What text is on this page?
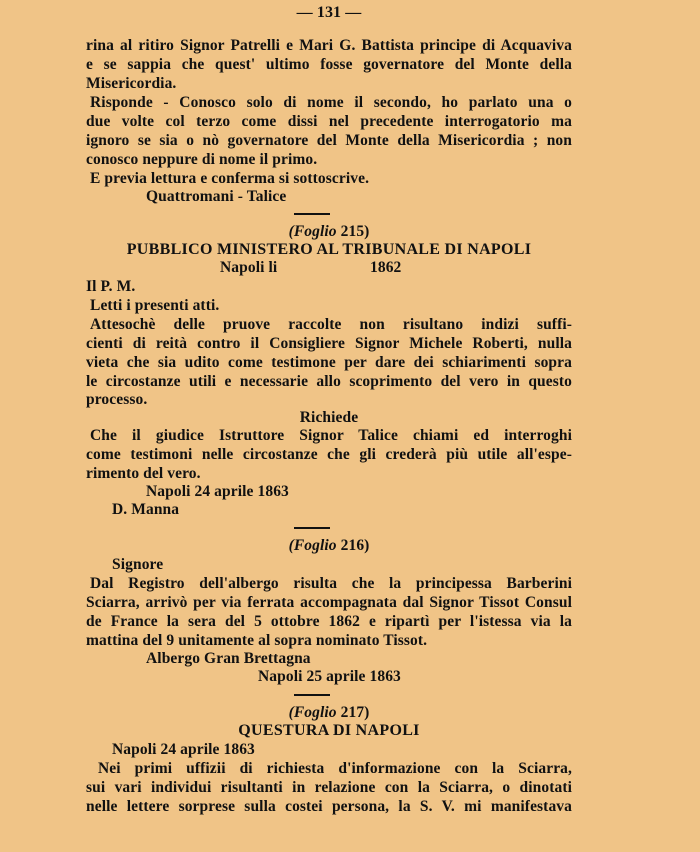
— 131 —
rina al ritiro Signor Patrelli e Mari G. Battista principe di Acquaviva
e se sappia che quest' ultimo fosse governatore del Monte della
Misericordia.
Risponde - Conosco solo di nome il secondo, ho parlato una o
due volte col terzo come dissi nel precedente interrogatorio ma
ignoro se sia o nò governatore del Monte della Misericordia ; non
conosco neppure di nome il primo.
E previa lettura e conferma si sottoscrive.
Quattromani - Talice
(Foglio 215)
PUBBLICO MINISTERO AL TRIBUNALE DI NAPOLI
Napoli li	1862
Il P. M.
Letti i presenti atti.
Attesochè delle pruove raccolte non risultano indizi suffi-
cienti di reità contro il Consigliere Signor Michele Roberti, nulla
vieta che sia udito come testimone per dare dei schiarimenti sopra
le circostanze utili e necessarie allo scoprimento del vero in questo
processo.
Richiede
Che il giudice Istruttore Signor Talice chiami ed interroghi
come testimoni nelle circostanze che gli crederà più utile all'espe-
rimento del vero.
Napoli 24 aprile 1863
D. Manna
(Foglio 216)
Signore
Dal Registro dell'albergo risulta che la principessa Barberini
Sciarra, arrivò per via ferrata accompagnata dal Signor Tissot Consul
de France la sera del 5 ottobre 1862 e ripartì per l'istessa via la
mattina del 9 unitamente al sopra nominato Tissot.
Albergo Gran Brettagna
Napoli 25 aprile 1863
(Foglio 217)
QUESTURA DI NAPOLI
Napoli 24 aprile 1863
Nei primi uffizii di richiesta d'informazione con la Sciarra,
sui vari individui risultanti in relazione con la Sciarra, o dinotati
nelle lettere sorprese sulla costei persona, la S. V. mi manifestava
